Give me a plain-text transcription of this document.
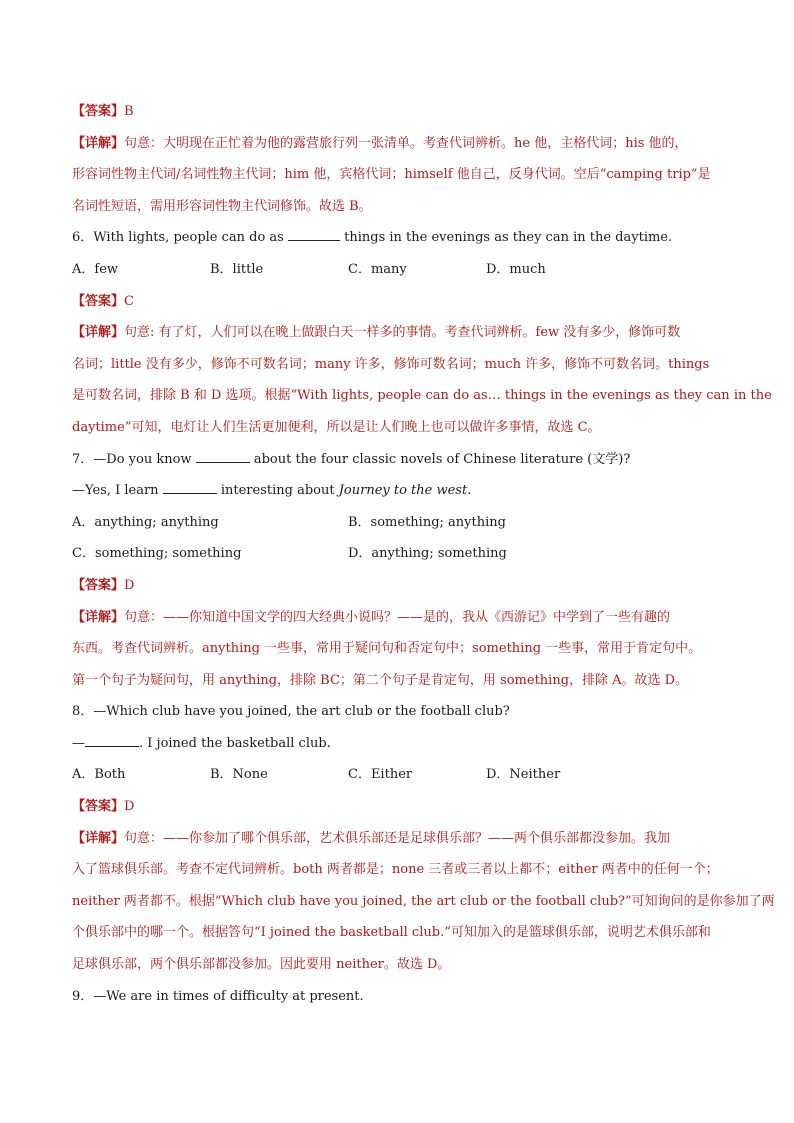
【答案】B
【详解】句意：大明现在正忙着为他的露营旅行列一张清单。考查代词辨析。he 他，主格代词；his 他的，
形容词性物主代词/名词性物主代词；him 他，宾格代词；himself 他自己，反身代词。空后“camping trip”是
名词性短语，需用形容词性物主代词修饰。故选 B。
6．With lights, people can do as	things in the evenings as they can in the daytime.
A．few	B．little	C．many	D．much
【答案】C
【详解】句意: 有了灯，人们可以在晚上做跟白天一样多的事情。考查代词辨析。few 没有多少，修饰可数
名词；little 没有多少，修饰不可数名词；many 许多，修饰可数名词；much 许多，修饰不可数名词。things
是可数名词，排除 B 和 D 选项。根据“With lights, people can do as… things in the evenings as they can in the
daytime”可知，电灯让人们生活更加便利，所以是让人们晚上也可以做许多事情，故选 C。
7．—Do you know	about the four classic novels of Chinese literature (文学)?
—Yes, I learn	interesting about Journey to the west.
A．anything; anything	B．something; anything
C．something; something	D．anything; something
【答案】D
【详解】句意：——你知道中国文学的四大经典小说吗？——是的，我从《西游记》中学到了一些有趣的
东西。考查代词辨析。anything 一些事，常用于疑问句和否定句中；something 一些事，常用于肯定句中。
第一个句子为疑问句，用 anything，排除 BC；第二个句子是肯定句，用 something，排除 A。故选 D。
8．—Which club have you joined, the art club or the football club?
—	. I joined the basketball club.
A．Both	B．None	C．Either	D．Neither
【答案】D
【详解】句意：——你参加了哪个俱乐部，艺术俱乐部还是足球俱乐部？——两个俱乐部都没参加。我加
入了篮球俱乐部。考查不定代词辨析。both 两者都是；none 三者或三者以上都不；either 两者中的任何一个；
neither 两者都不。根据“Which club have you joined, the art club or the football club?”可知询问的是你参加了两
个俱乐部中的哪一个。根据答句“I joined the basketball club.”可知加入的是篮球俱乐部，说明艺术俱乐部和
足球俱乐部，两个俱乐部都没参加。因此要用 neither。故选 D。
9．—We are in times of difficulty at present.
